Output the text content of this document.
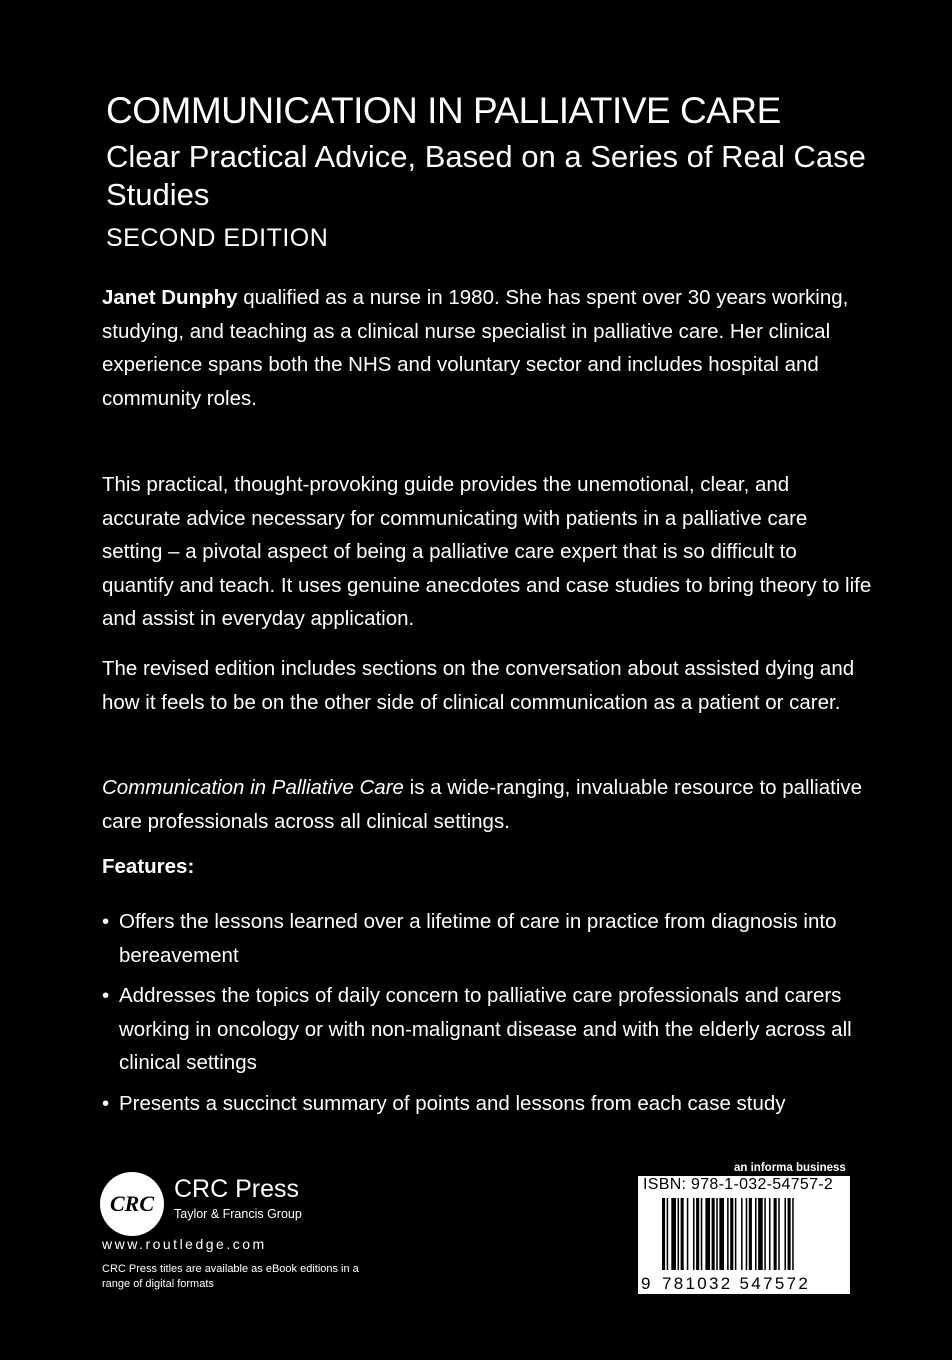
COMMUNICATION IN PALLIATIVE CARE
Clear Practical Advice, Based on a Series of Real Case Studies
SECOND EDITION
Janet Dunphy qualified as a nurse in 1980. She has spent over 30 years working, studying, and teaching as a clinical nurse specialist in palliative care. Her clinical experience spans both the NHS and voluntary sector and includes hospital and community roles.
This practical, thought-provoking guide provides the unemotional, clear, and accurate advice necessary for communicating with patients in a palliative care setting – a pivotal aspect of being a palliative care expert that is so difficult to quantify and teach. It uses genuine anecdotes and case studies to bring theory to life and assist in everyday application.
The revised edition includes sections on the conversation about assisted dying and how it feels to be on the other side of clinical communication as a patient or carer.
Communication in Palliative Care is a wide-ranging, invaluable resource to palliative care professionals across all clinical settings.
Features:
• Offers the lessons learned over a lifetime of care in practice from diagnosis into bereavement
• Addresses the topics of daily concern to palliative care professionals and carers working in oncology or with non-malignant disease and with the elderly across all clinical settings
• Presents a succinct summary of points and lessons from each case study
CRC
CRC Press
Taylor & Francis Group
www.routledge.com
CRC Press titles are available as eBook editions in a range of digital formats
an informa business
ISBN: 978-1-032-54757-2
9 781032 547572
